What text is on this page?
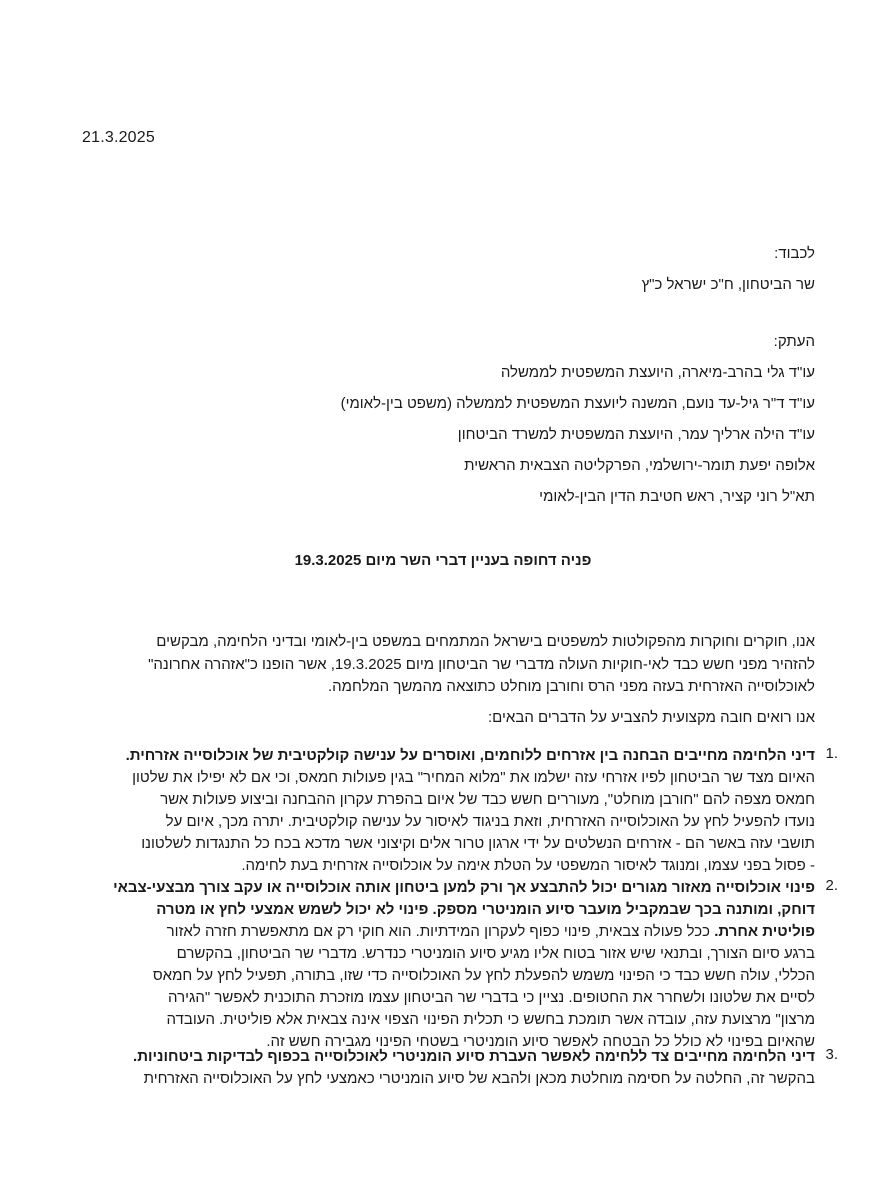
21.3.2025
לכבוד:
שר הביטחון, ח"כ ישראל כ"ץ
העתק:
עו"ד גלי בהרב-מיארה, היועצת המשפטית לממשלה
עו"ד ד"ר גיל-עד נועם, המשנה ליועצת המשפטית לממשלה (משפט בין-לאומי)
עו"ד הילה ארליך עמר, היועצת המשפטית למשרד הביטחון
אלופה יפעת תומר-ירושלמי, הפרקליטה הצבאית הראשית
תא"ל רוני קציר, ראש חטיבת הדין הבין-לאומי
פניה דחופה בעניין דברי השר מיום 19.3.2025
אנו, חוקרים וחוקרות מהפקולטות למשפטים בישראל המתמחים במשפט בין-לאומי ובדיני הלחימה, מבקשים
להזהיר מפני חשש כבד לאי-חוקיות העולה מדברי שר הביטחון מיום 19.3.2025, אשר הופנו כ"אזהרה אחרונה"
לאוכלוסייה האזרחית בעזה מפני הרס וחורבן מוחלט כתוצאה מהמשך המלחמה.
אנו רואים חובה מקצועית להצביע על הדברים הבאים:
1.
דיני הלחימה מחייבים הבחנה בין אזרחים ללוחמים, ואוסרים על ענישה קולקטיבית של אוכלוסייה אזרחית.
האיום מצד שר הביטחון לפיו אזרחי עזה ישלמו את "מלוא המחיר" בגין פעולות חמאס, וכי אם לא יפילו את שלטון
חמאס מצפה להם "חורבן מוחלט", מעוררים חשש כבד של איום בהפרת עקרון ההבחנה וביצוע פעולות אשר
נועדו להפעיל לחץ על האוכלוסייה האזרחית, וזאת בניגוד לאיסור על ענישה קולקטיבית. יתרה מכך, איום על
תושבי עזה באשר הם - אזרחים הנשלטים על ידי ארגון טרור אלים וקיצוני אשר מדכא בכח כל התנגדות לשלטונו
- פסול בפני עצמו, ומנוגד לאיסור המשפטי על הטלת אימה על אוכלוסייה אזרחית בעת לחימה.
2.
פינוי אוכלוסייה מאזור מגורים יכול להתבצע אך ורק למען ביטחון אותה אוכלוסייה או עקב צורך מבצעי-צבאי
דוחק, ומותנה בכך שבמקביל מועבר סיוע הומניטרי מספק. פינוי לא יכול לשמש אמצעי לחץ או מטרה
פוליטית אחרת. ככל פעולה צבאית, פינוי כפוף לעקרון המידתיות. הוא חוקי רק אם מתאפשרת חזרה לאזור
ברגע סיום הצורך, ובתנאי שיש אזור בטוח אליו מגיע סיוע הומניטרי כנדרש. מדברי שר הביטחון, בהקשרם
הכללי, עולה חשש כבד כי הפינוי משמש להפעלת לחץ על האוכלוסייה כדי שזו, בתורה, תפעיל לחץ על חמאס
לסיים את שלטונו ולשחרר את החטופים. נציין כי בדברי שר הביטחון עצמו מוזכרת התוכנית לאפשר "הגירה
מרצון" מרצועת עזה, עובדה אשר תומכת בחשש כי תכלית הפינוי הצפוי אינה צבאית אלא פוליטית. העובדה
שהאיום בפינוי לא כולל כל הבטחה לאפשר סיוע הומניטרי בשטחי הפינוי מגבירה חשש זה.
3.
דיני הלחימה מחייבים צד ללחימה לאפשר העברת סיוע הומניטרי לאוכלוסייה בכפוף לבדיקות ביטחוניות.
בהקשר זה, החלטה על חסימה מוחלטת מכאן ולהבא של סיוע הומניטרי כאמצעי לחץ על האוכלוסייה האזרחית
